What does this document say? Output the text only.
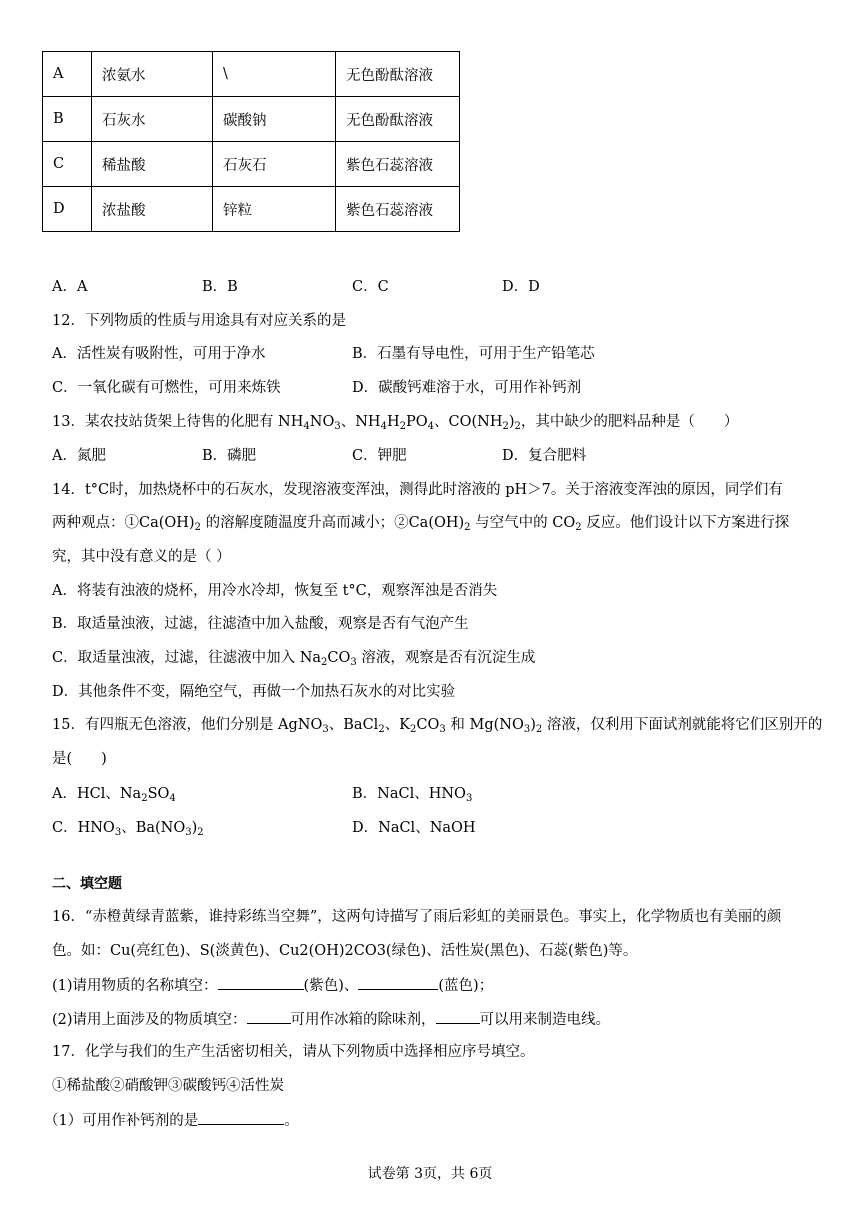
A	浓氨水	\	无色酚酞溶液
B	石灰水	碳酸钠	无色酚酞溶液
C	稀盐酸	石灰石	紫色石蕊溶液
D	浓盐酸	锌粒	紫色石蕊溶液
A．A	B．B	C．C	D．D
12．下列物质的性质与用途具有对应关系的是
A．活性炭有吸附性，可用于净水	B．石墨有导电性，可用于生产铅笔芯
C．一氧化碳有可燃性，可用来炼铁	D．碳酸钙难溶于水，可用作补钙剂
13．某农技站货架上待售的化肥有 $NH_4NO_3$、$NH_4H_2PO_4$、$CO(NH_2)_2$，其中缺少的肥料品种是（　　）
A．氮肥	B．磷肥	C．钾肥	D．复合肥料
14．t°C时，加热烧杯中的石灰水，发现溶液变浑浊，测得此时溶液的 pH＞7。关于溶液变浑浊的原因，同学们有
两种观点：$①Ca(OH)_2$ 的溶解度随温度升高而减小；$②Ca(OH)_2$ 与空气中的 $CO_2$ 反应。他们设计以下方案进行探
究，其中没有意义的是（ ）
A．将装有浊液的烧杯，用冷水冷却，恢复至 t°C，观察浑浊是否消失
B．取适量浊液，过滤，往滤渣中加入盐酸，观察是否有气泡产生
C．取适量浊液，过滤，往滤液中加入 $Na_2CO_3$ 溶液，观察是否有沉淀生成
D．其他条件不变，隔绝空气，再做一个加热石灰水的对比实验
15．有四瓶无色溶液，他们分别是 AgNO$_3$、BaCl$_2$、$K_2CO_3$ 和 $Mg(NO_3)_2$ 溶液，仅利用下面试剂就能将它们区别开的
是(　　)
A．HCl、$Na_2SO_4$	B．NaCl、$HNO_3$
C．$HNO_3$、$Ba(NO_3)_2$	D．NaCl、NaOH
二、填空题
16．“赤橙黄绿青蓝紫，谁持彩练当空舞”，这两句诗描写了雨后彩虹的美丽景色。事实上，化学物质也有美丽的颜
色。如：Cu(亮红色)、S(淡黄色)、Cu2(OH)2CO3(绿色)、活性炭(黑色)、石蕊(紫色)等。
(1)请用物质的名称填空：	(紫色)、	(蓝色)；
(2)请用上面涉及的物质填空：	可用作冰箱的除味剂，	可以用来制造电线。
17．化学与我们的生产生活密切相关，请从下列物质中选择相应序号填空。
①稀盐酸②硝酸钾③碳酸钙④活性炭
（1）可用作补钙剂的是	。
试卷第 3页，共 6页
